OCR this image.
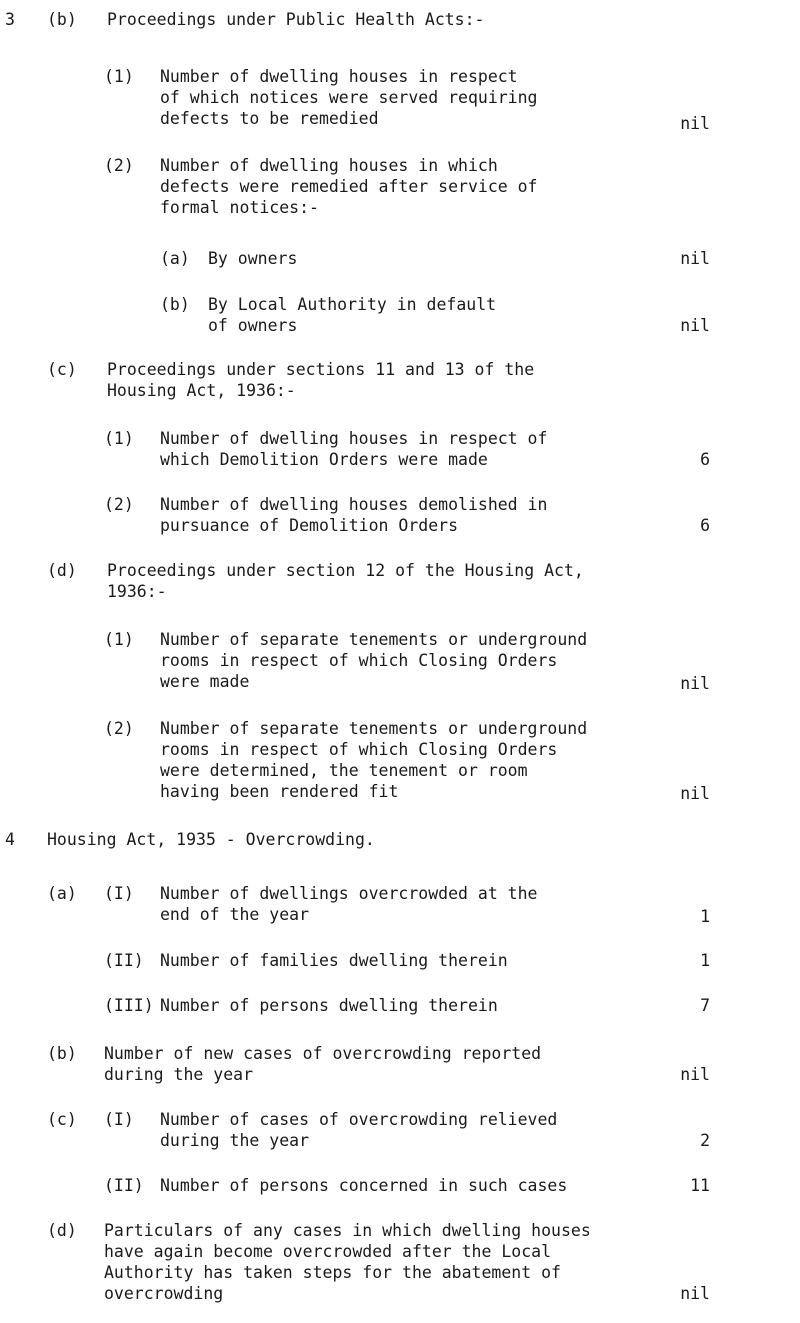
3 (b) Proceedings under Public Health Acts:-
(1) Number of dwelling houses in respect
of which notices were served requiring
defects to be remedied	nil
(2) Number of dwelling houses in which
defects were remedied after service of
formal notices:-
(a) By owners	nil
(b) By Local Authority in default
of owners	nil
(c) Proceedings under sections 11 and 13 of the
Housing Act, 1936:-
(1) Number of dwelling houses in respect of
which Demolition Orders were made	6
(2) Number of dwelling houses demolished in
pursuance of Demolition Orders	6
(d) Proceedings under section 12 of the Housing Act,
1936:-
(1) Number of separate tenements or underground
rooms in respect of which Closing Orders
were made	nil
(2) Number of separate tenements or underground
rooms in respect of which Closing Orders
were determined, the tenement or room
having been rendered fit	nil
4 Housing Act, 1935 - Overcrowding.
(a) (I) Number of dwellings overcrowded at the
end of the year	1
(II) Number of families dwelling therein	1
(III) Number of persons dwelling therein	7
(b) Number of new cases of overcrowding reported
during the year	nil
(c) (I) Number of cases of overcrowding relieved
during the year	2
(II) Number of persons concerned in such cases	11
(d) Particulars of any cases in which dwelling houses
have again become overcrowded after the Local
Authority has taken steps for the abatement of
overcrowding	nil
